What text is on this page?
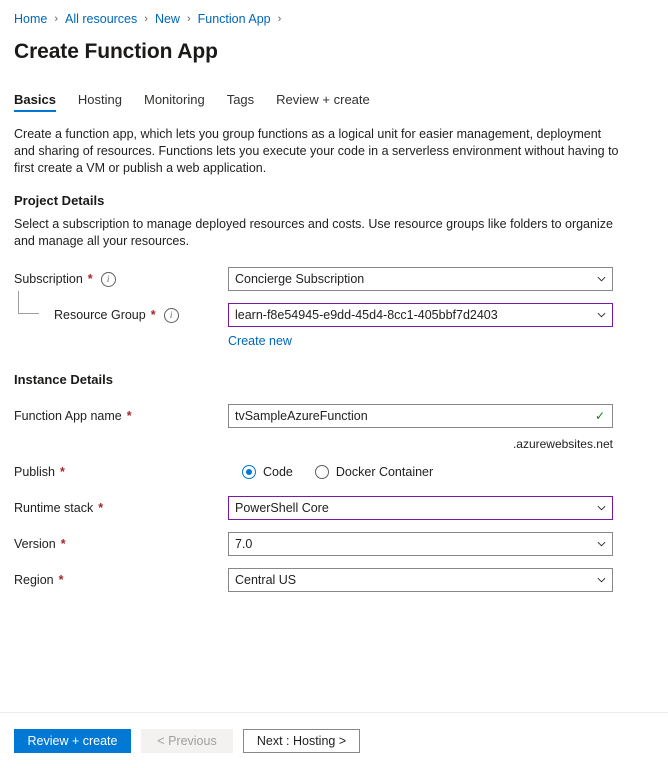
Home › All resources › New › Function App ›
Create Function App
Basics	Hosting	Monitoring	Tags	Review + create
Create a function app, which lets you group functions as a logical unit for easier management, deployment and sharing of resources. Functions lets you execute your code in a serverless environment without having to first create a VM or publish a web application.
Project Details
Select a subscription to manage deployed resources and costs. Use resource groups like folders to organize and manage all your resources.
Subscription *	i
Concierge Subscription
Resource Group *	i
learn-f8e54945-e9dd-45d4-8cc1-405bbf7d2403
Create new
Instance Details
Function App name *
tvSampleAzureFunction	✓
.azurewebsites.net
Publish *	Code	Docker Container
Runtime stack *
PowerShell Core
Version *
7.0
Region *
Central US
Review + create	< Previous	Next : Hosting >
